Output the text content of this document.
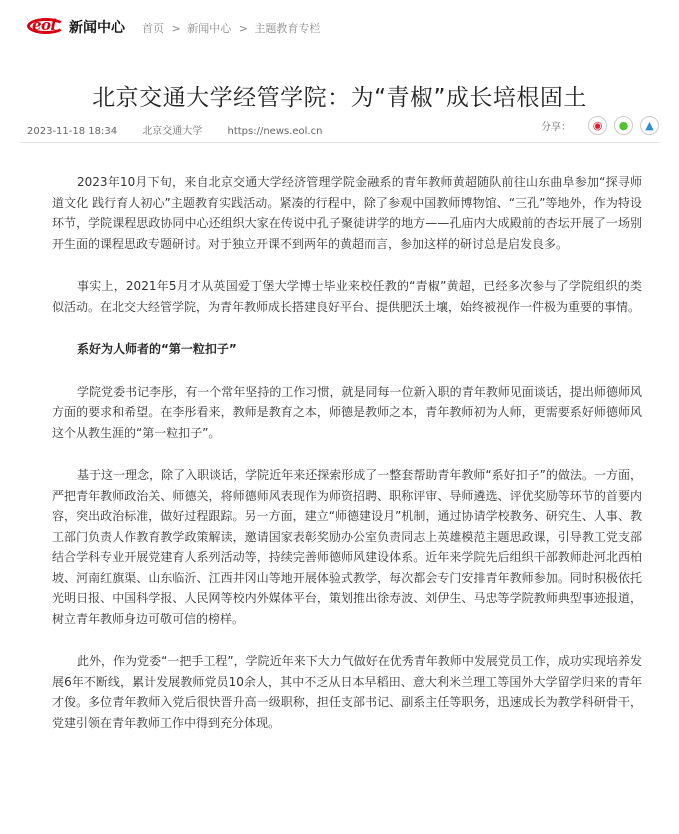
eol 新闻中心 首页 > 新闻中心 > 主题教育专栏
北京交通大学经管学院：为“青椒”成长培根固土
2023-11-18 18:34	北京交通大学	https://news.eol.cn	分享：	◉	●	▲

2023年10月下旬，来自北京交通大学经济管理学院金融系的青年教师黄超随队前往山东曲阜参加“探寻师道文化 践行育人初心”主题教育实践活动。紧凑的行程中，除了参观中国教师博物馆、“三孔”等地外，作为特设环节，学院课程思政协同中心还组织大家在传说中孔子聚徒讲学的地方——孔庙内大成殿前的杏坛开展了一场别开生面的课程思政专题研讨。对于独立开课不到两年的黄超而言，参加这样的研讨总是启发良多。

事实上，2021年5月才从英国爱丁堡大学博士毕业来校任教的“青椒”黄超，已经多次参与了学院组织的类似活动。在北交大经管学院，为青年教师成长搭建良好平台、提供肥沃土壤，始终被视作一件极为重要的事情。

系好为人师者的“第一粒扣子”

学院党委书记李彤，有一个常年坚持的工作习惯，就是同每一位新入职的青年教师见面谈话，提出师德师风方面的要求和希望。在李彤看来，教师是教育之本，师德是教师之本，青年教师初为人师，更需要系好师德师风这个从教生涯的“第一粒扣子”。

基于这一理念，除了入职谈话，学院近年来还探索形成了一整套帮助青年教师“系好扣子”的做法。一方面，严把青年教师政治关、师德关，将师德师风表现作为师资招聘、职称评审、导师遴选、评优奖励等环节的首要内容，突出政治标准，做好过程跟踪。另一方面，建立“师德建设月”机制，通过协请学校教务、研究生、人事、教工部门负责人作教育教学政策解读，邀请国家表彰奖励办公室负责同志上英雄模范主题思政课，引导教工党支部结合学科专业开展党建育人系列活动等，持续完善师德师风建设体系。近年来学院先后组织干部教师赴河北西柏坡、河南红旗渠、山东临沂、江西井冈山等地开展体验式教学，每次都会专门安排青年教师参加。同时积极依托光明日报、中国科学报、人民网等校内外媒体平台，策划推出徐寿波、刘伊生、马忠等学院教师典型事迹报道，树立青年教师身边可敬可信的榜样。

此外，作为党委“一把手工程”，学院近年来下大力气做好在优秀青年教师中发展党员工作，成功实现培养发展6年不断线，累计发展教师党员10余人，其中不乏从日本早稻田、意大利米兰理工等国外大学留学归来的青年才俊。多位青年教师入党后很快晋升高一级职称，担任支部书记、副系主任等职务，迅速成长为教学科研骨干，党建引领在青年教师工作中得到充分体现。
